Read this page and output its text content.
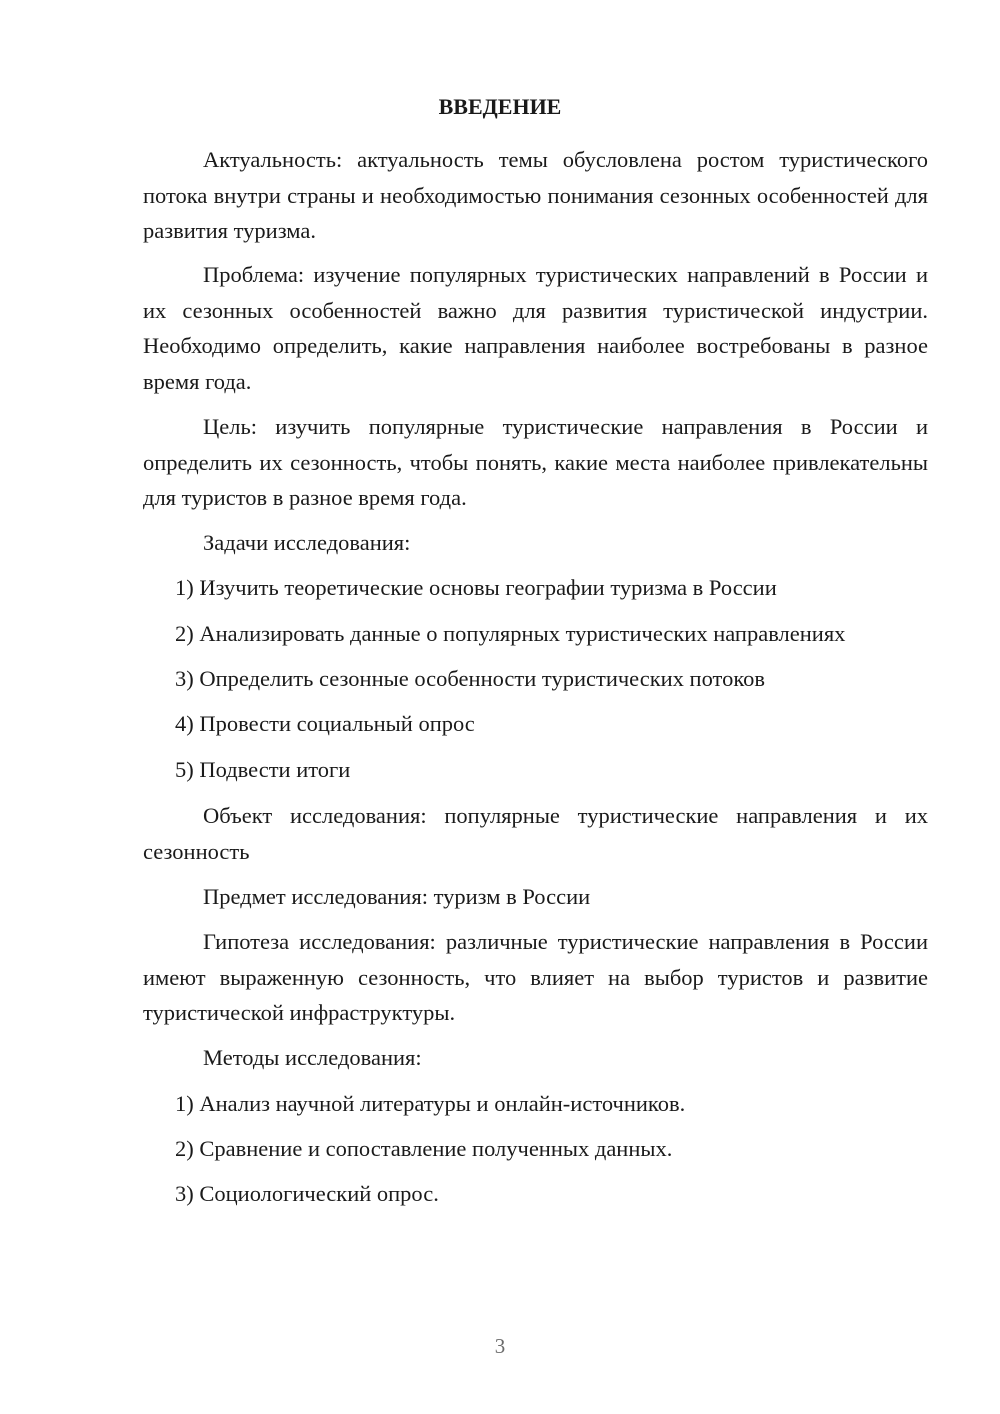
ВВЕДЕНИЕ

Актуальность: актуальность темы обусловлена ростом туристического потока внутри страны и необходимостью понимания сезонных особенностей для развития туризма.

Проблема: изучение популярных туристических направлений в России и их сезонных особенностей важно для развития туристической индустрии. Необходимо определить, какие направления наиболее востребованы в разное время года.

Цель: изучить популярные туристические направления в России и определить их сезонность, чтобы понять, какие места наиболее привлекательны для туристов в разное время года.

Задачи исследования:

1) Изучить теоретические основы географии туризма в России

2) Анализировать данные о популярных туристических направлениях

3) Определить сезонные особенности туристических потоков

4) Провести социальный опрос

5) Подвести итоги

Объект исследования: популярные туристические направления и их сезонность

Предмет исследования: туризм в России

Гипотеза исследования: различные туристические направления в России имеют выраженную сезонность, что влияет на выбор туристов и развитие туристической инфраструктуры.

Методы исследования:

1) Анализ научной литературы и онлайн-источников.

2) Сравнение и сопоставление полученных данных.

3) Социологический опрос.

3
